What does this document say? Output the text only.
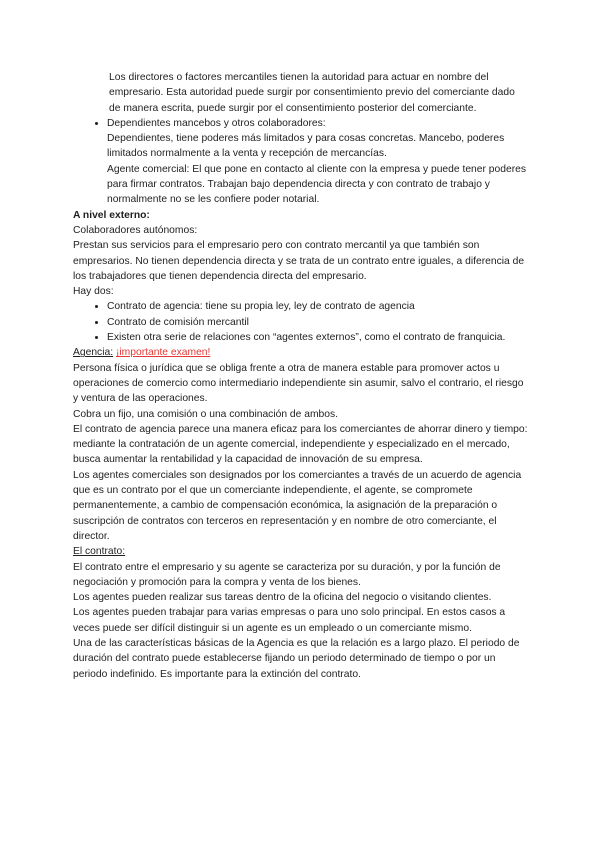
Los directores o factores mercantiles tienen la autoridad para actuar en nombre del empresario. Esta autoridad puede surgir por consentimiento previo del comerciante dado de manera escrita, puede surgir por el consentimiento posterior del comerciante.

• Dependientes mancebos y otros colaboradores:

Dependientes, tiene poderes más limitados y para cosas concretas. Mancebo, poderes limitados normalmente a la venta y recepción de mercancías.

Agente comercial: El que pone en contacto al cliente con la empresa y puede tener poderes para firmar contratos. Trabajan bajo dependencia directa y con contrato de trabajo y normalmente no se les confiere poder notarial.

A nivel externo:

Colaboradores autónomos:

Prestan sus servicios para el empresario pero con contrato mercantil ya que también son empresarios. No tienen dependencia directa y se trata de un contrato entre iguales, a diferencia de los trabajadores que tienen dependencia directa del empresario.

Hay dos:

• Contrato de agencia: tiene su propia ley, ley de contrato de agencia
• Contrato de comisión mercantil
• Existen otra serie de relaciones con “agentes externos”, como el contrato de franquicia.

Agencia: ¡importante examen!

Persona física o jurídica que se obliga frente a otra de manera estable para promover actos u operaciones de comercio como intermediario independiente sin asumir, salvo el contrario, el riesgo y ventura de las operaciones.

Cobra un fijo, una comisión o una combinación de ambos.

El contrato de agencia parece una manera eficaz para los comerciantes de ahorrar dinero y tiempo: mediante la contratación de un agente comercial, independiente y especializado en el mercado, busca aumentar la rentabilidad y la capacidad de innovación de su empresa.

Los agentes comerciales son designados por los comerciantes a través de un acuerdo de agencia que es un contrato por el que un comerciante independiente, el agente, se compromete permanentemente, a cambio de compensación económica, la asignación de la preparación o suscripción de contratos con terceros en representación y en nombre de otro comerciante, el director.

El contrato:

El contrato entre el empresario y su agente se caracteriza por su duración, y por la función de negociación y promoción para la compra y venta de los bienes.

Los agentes pueden realizar sus tareas dentro de la oficina del negocio o visitando clientes.

Los agentes pueden trabajar para varias empresas o para uno solo principal. En estos casos a veces puede ser difícil distinguir si un agente es un empleado o un comerciante mismo.

Una de las características básicas de la Agencia es que la relación es a largo plazo. El periodo de duración del contrato puede establecerse fijando un periodo determinado de tiempo o por un periodo indefinido. Es importante para la extinción del contrato.
